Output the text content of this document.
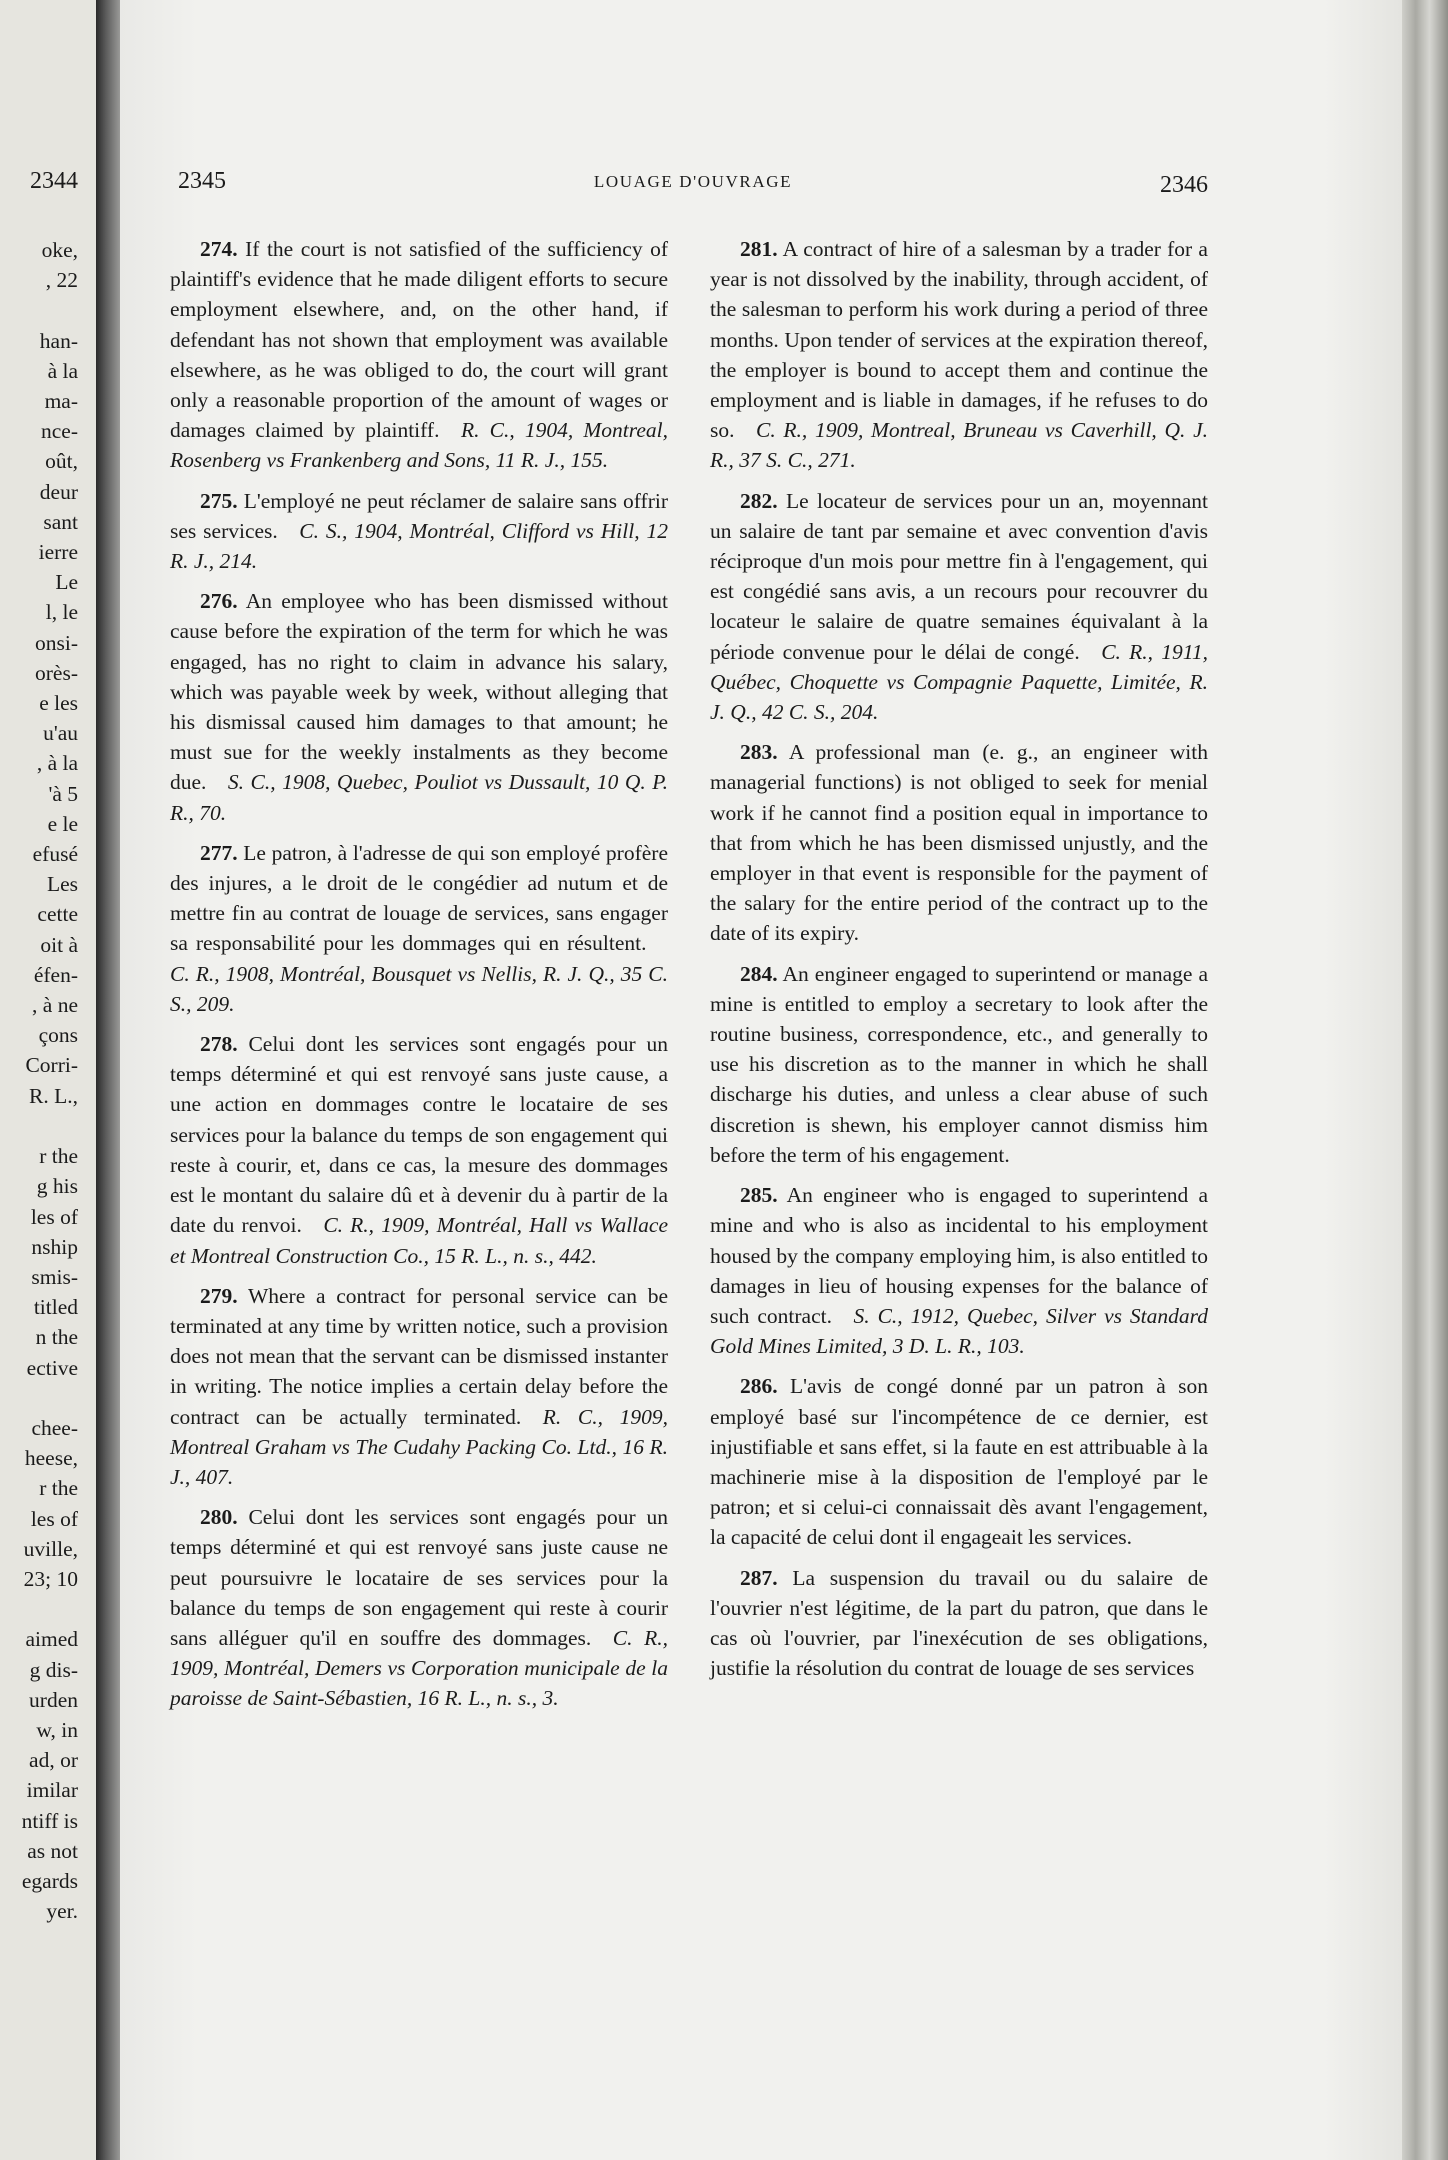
2344
oke,
, 22

han-
à la
ma-
nce-
oût,
deur
sant
ierre
Le
l, le
onsi-
orès-
e les
u'au
, à la
'à 5
e le
efusé
Les
cette
oit à
éfen-
, à ne
çons
Corri-
R. L.,

r the
g his
les of
nship
smis-
titled
n the
ective

chee-
heese,
r the
les of
uville,
23; 10

aimed
g dis-
urden
w, in
ad, or
imilar
ntiff is
as not
egards
yer.
2345	LOUAGE D'OUVRAGE	2346

274. If the court is not satisfied of the sufficiency of plaintiff's evidence that he made diligent efforts to secure employment elsewhere, and, on the other hand, if defendant has not shown that employment was available elsewhere, as he was obliged to do, the court will grant only a reasonable proportion of the amount of wages or damages claimed by plaintiff.  R. C., 1904, Montreal, Rosenberg vs Frankenberg and Sons, 11 R. J., 155.

275. L'employé ne peut réclamer de salaire sans offrir ses services.  C. S., 1904, Montréal, Clifford vs Hill, 12 R. J., 214.

276. An employee who has been dismissed without cause before the expiration of the term for which he was engaged, has no right to claim in advance his salary, which was payable week by week, without alleging that his dismissal caused him damages to that amount; he must sue for the weekly instalments as they become due.  S. C., 1908, Quebec, Pouliot vs Dussault, 10 Q. P. R., 70.

277. Le patron, à l'adresse de qui son employé profère des injures, a le droit de le congédier ad nutum et de mettre fin au contrat de louage de services, sans engager sa responsabilité pour les dommages qui en résultent. C. R., 1908, Montréal, Bousquet vs Nellis, R. J. Q., 35 C. S., 209.

278. Celui dont les services sont engagés pour un temps déterminé et qui est renvoyé sans juste cause, a une action en dommages contre le locataire de ses services pour la balance du temps de son engagement qui reste à courir, et, dans ce cas, la mesure des dommages est le montant du salaire dû et à devenir du à partir de la date du renvoi.  C. R., 1909, Montréal, Hall vs Wallace et Montreal Construction Co., 15 R. L., n. s., 442.

279. Where a contract for personal service can be terminated at any time by written notice, such a provision does not mean that the servant can be dismissed instanter in writing. The notice implies a certain delay before the contract can be actually terminated.  R. C., 1909, Montreal Graham vs The Cudahy Packing Co. Ltd., 16 R. J., 407.

280. Celui dont les services sont engagés pour un temps déterminé et qui est renvoyé sans juste cause ne peut poursuivre le locataire de ses services pour la balance du temps de son engagement qui reste à courir sans alléguer qu'il en souffre des dommages.  C. R., 1909, Montréal, Demers vs Corporation municipale de la paroisse de Saint-Sébastien, 16 R. L., n. s., 3.

281. A contract of hire of a salesman by a trader for a year is not dissolved by the inability, through accident, of the salesman to perform his work during a period of three months. Upon tender of services at the expiration thereof, the employer is bound to accept them and continue the employment and is liable in damages, if he refuses to do so.  C. R., 1909, Montreal, Bruneau vs Caverhill, Q. J. R., 37 S. C., 271.

282. Le locateur de services pour un an, moyennant un salaire de tant par semaine et avec convention d'avis réciproque d'un mois pour mettre fin à l'engagement, qui est congédié sans avis, a un recours pour recouvrer du locateur le salaire de quatre semaines équivalant à la période convenue pour le délai de congé.  C. R., 1911, Québec, Choquette vs Compagnie Paquette, Limitée, R. J. Q., 42 C. S., 204.

283. A professional man (e. g., an engineer with managerial functions) is not obliged to seek for menial work if he cannot find a position equal in importance to that from which he has been dismissed unjustly, and the employer in that event is responsible for the payment of the salary for the entire period of the contract up to the date of its expiry.

284. An engineer engaged to superintend or manage a mine is entitled to employ a secretary to look after the routine business, correspondence, etc., and generally to use his discretion as to the manner in which he shall discharge his duties, and unless a clear abuse of such discretion is shewn, his employer cannot dismiss him before the term of his engagement.

285. An engineer who is engaged to superintend a mine and who is also as incidental to his employment housed by the company employing him, is also entitled to damages in lieu of housing expenses for the balance of such contract.  S. C., 1912, Quebec, Silver vs Standard Gold Mines Limited, 3 D. L. R., 103.

286. L'avis de congé donné par un patron à son employé basé sur l'incompétence de ce dernier, est injustifiable et sans effet, si la faute en est attribuable à la machinerie mise à la disposition de l'employé par le patron; et si celui-ci connaissait dès avant l'engagement, la capacité de celui dont il engageait les services.

287. La suspension du travail ou du salaire de l'ouvrier n'est légitime, de la part du patron, que dans le cas où l'ouvrier, par l'inexécution de ses obligations, justifie la résolution du contrat de louage de ses services
